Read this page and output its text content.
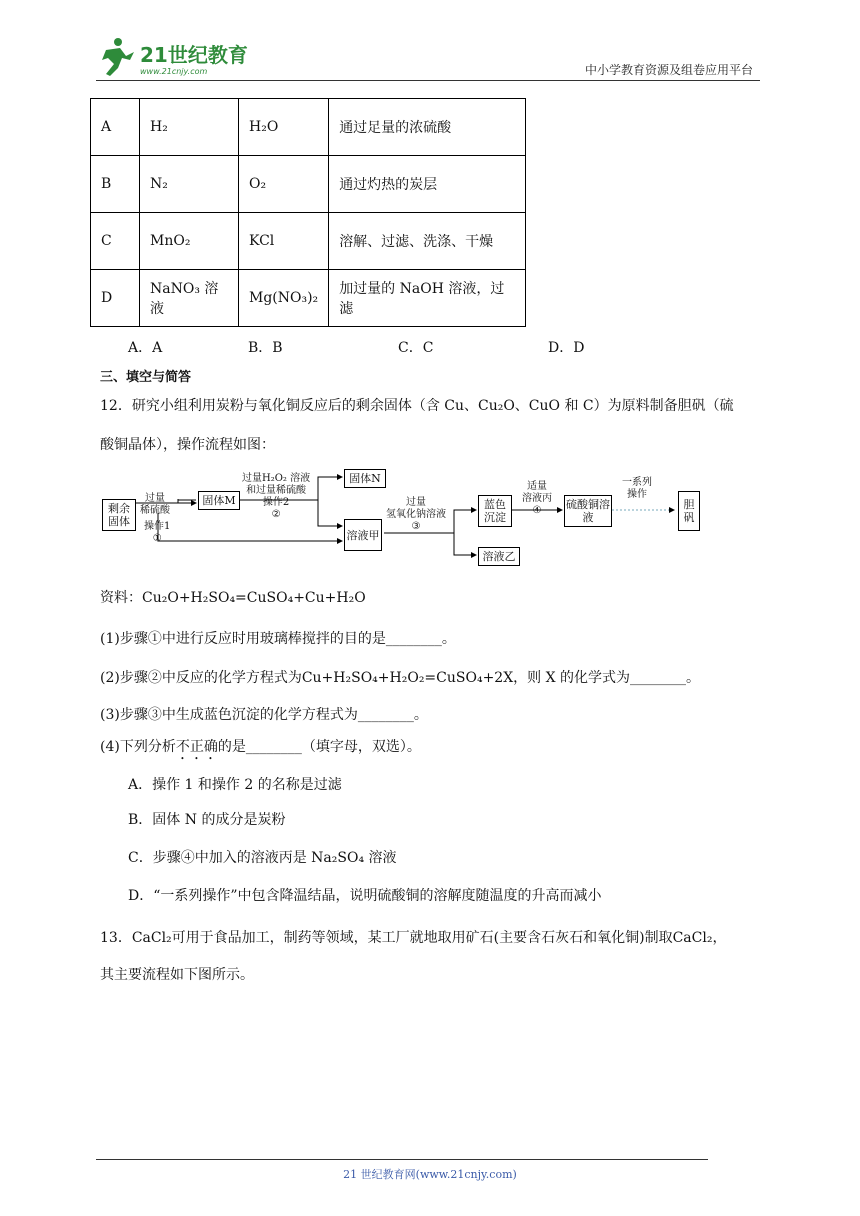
21世纪教育
www.21cnjy.com	中小学教育资源及组卷应用平台
A	H₂	H₂O	通过足量的浓硫酸
B	N₂	O₂	通过灼热的炭层
C	MnO₂	KCl	溶解、过滤、洗涤、干燥
D	NaNO₃ 溶液	Mg(NO₃)₂	加过量的 NaOH 溶液，过滤
A．A	B．B	C．C	D．D
三、填空与简答
12．研究小组利用炭粉与氧化铜反应后的剩余固体（含 Cu、Cu₂O、CuO 和 C）为原料制备胆矾（硫
酸铜晶体），操作流程如图：
剩余固体
过量
稀硫酸
操作1
①
固体M
过量H₂O₂ 溶液
和过量稀硫酸
操作2
②
固体N
溶液甲
过量
氢氧化钠溶液
③
蓝色沉淀
溶液乙
适量
溶液丙
④	硫酸铜溶液
一系列
操作
胆矾
资料：Cu₂O+H₂SO₄=CuSO₄+Cu+H₂O
(1)步骤①中进行反应时用玻璃棒搅拌的目的是________。
(2)步骤②中反应的化学方程式为Cu+H₂SO₄+H₂O₂=CuSO₄+2X，则 X 的化学式为________。
(3)步骤③中生成蓝色沉淀的化学方程式为________。
(4)下列分析不正确的是________（填字母，双选）。
A．操作 1 和操作 2 的名称是过滤
B．固体 N 的成分是炭粉
C．步骤④中加入的溶液丙是 Na₂SO₄ 溶液
D．“一系列操作”中包含降温结晶，说明硫酸铜的溶解度随温度的升高而减小
13．CaCl₂可用于食品加工，制药等领域，某工厂就地取用矿石(主要含石灰石和氧化铜)制取CaCl₂，
其主要流程如下图所示。
21 世纪教育网(www.21cnjy.com)
